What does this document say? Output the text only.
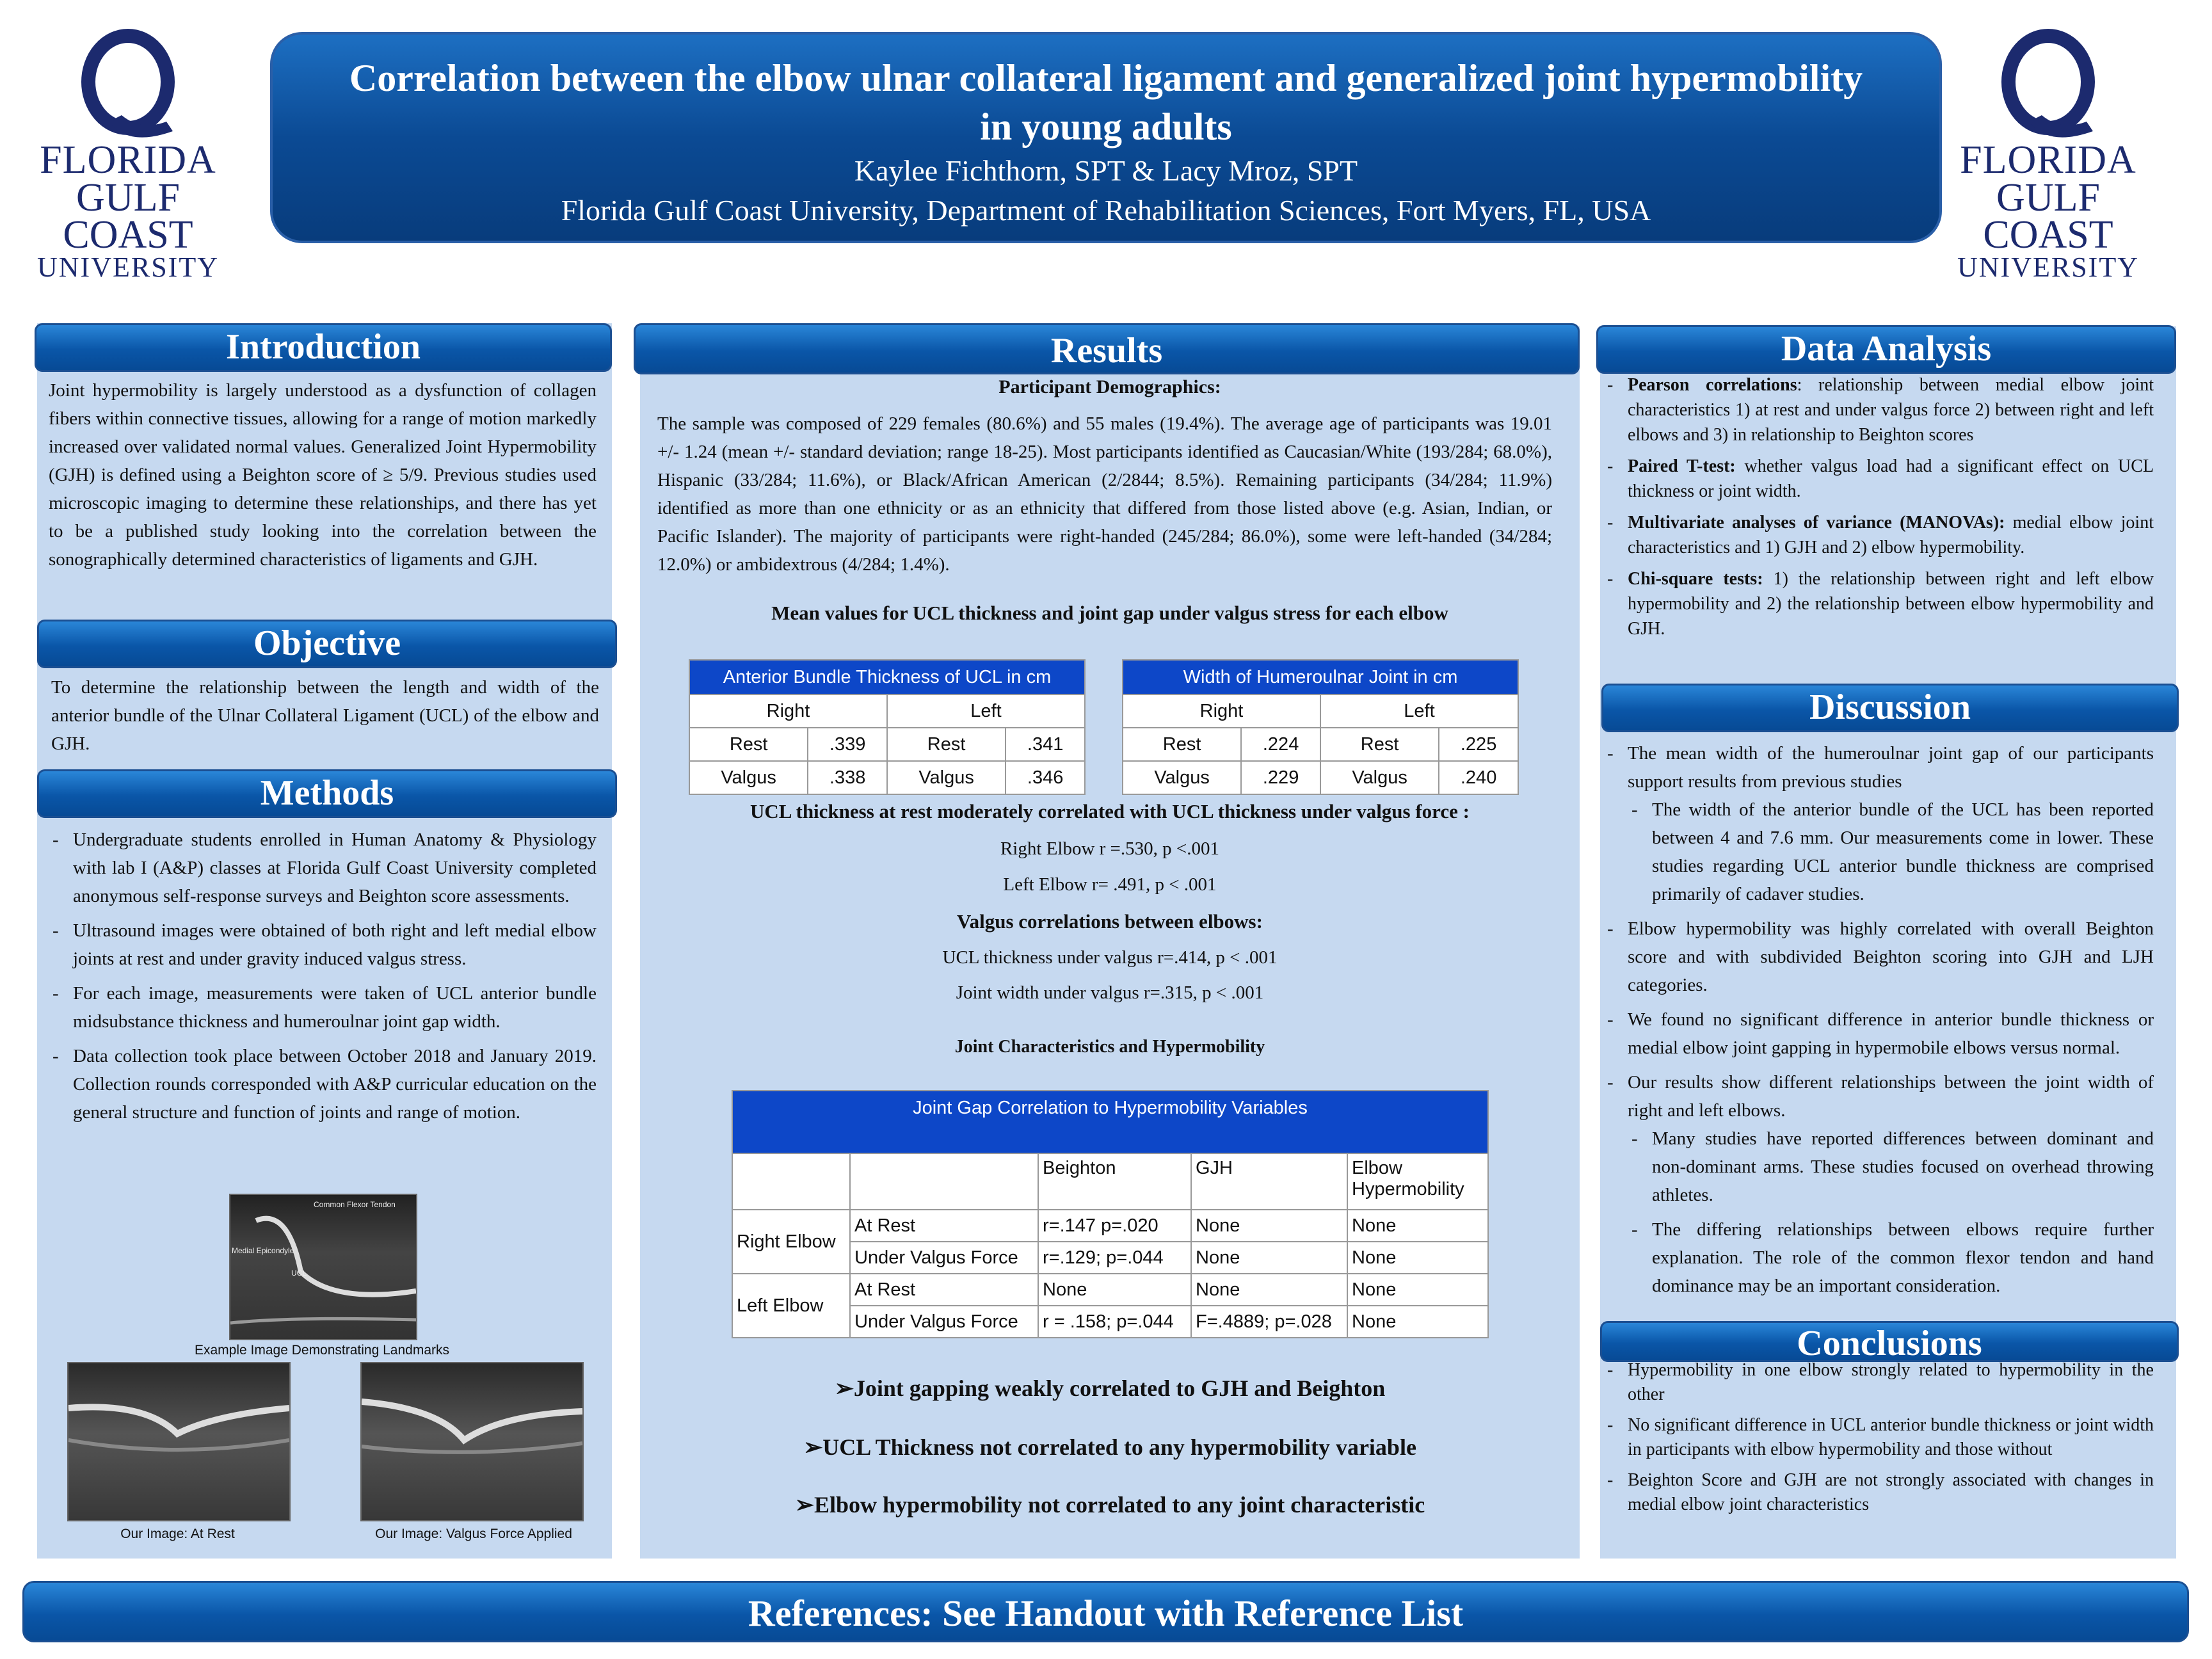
FLORIDA
GULF COAST
UNIVERSITY
FLORIDA
GULF COAST
UNIVERSITY
Correlation between the elbow ulnar collateral ligament and generalized joint hypermobility
in young adults
Kaylee Fichthorn, SPT & Lacy Mroz, SPT
Florida Gulf Coast University, Department of Rehabilitation Sciences, Fort Myers, FL, USA
Introduction
Joint hypermobility is largely understood as a dysfunction of collagen fibers within connective tissues, allowing for a range of motion markedly increased over validated normal values. Generalized Joint Hypermobility (GJH) is defined using a Beighton score of ≥ 5/9. Previous studies used microscopic imaging to determine these relationships, and there has yet to be a published study looking into the correlation between the sonographically determined characteristics of ligaments and GJH.
Objective
To determine the relationship between the length and width of the anterior bundle of the Ulnar Collateral Ligament (UCL) of the elbow and GJH.
Methods
- Undergraduate students enrolled in Human Anatomy & Physiology with lab I (A&P) classes at Florida Gulf Coast University completed anonymous self-response surveys and Beighton score assessments.
- Ultrasound images were obtained of both right and left medial elbow joints at rest and under gravity induced valgus stress.
- For each image, measurements were taken of UCL anterior bundle midsubstance thickness and humeroulnar joint gap width.
- Data collection took place between October 2018 and January 2019. Collection rounds corresponded with A&P curricular education on the general structure and function of joints and range of motion.
Common Flexor Tendon
Medial Epicondyle
UCL
Example Image Demonstrating Landmarks
Our Image: At Rest	Our Image: Valgus Force Applied
Results
Participant Demographics:
The sample was composed of 229 females (80.6%) and 55 males (19.4%). The average age of participants was 19.01 +/- 1.24 (mean +/- standard deviation; range 18-25). Most participants identified as Caucasian/White (193/284; 68.0%), Hispanic (33/284; 11.6%), or Black/African American (2/2844; 8.5%). Remaining participants (34/284; 11.9%) identified as more than one ethnicity or as an ethnicity that differed from those listed above (e.g. Asian, Indian, or Pacific Islander). The majority of participants were right-handed (245/284; 86.0%), some were left-handed (34/284; 12.0%) or ambidextrous (4/284; 1.4%).
Mean values for UCL thickness and joint gap under valgus stress for each elbow
Anterior Bundle Thickness of UCL in cm			
Right		Left	
Rest	.339	Rest	.341
Valgus	.338	Valgus	.346
Width of Humeroulnar Joint in cm			
Right		Left	
Rest	.224	Rest	.225
Valgus	.229	Valgus	.240
UCL thickness at rest moderately correlated with UCL thickness under valgus force :
Right Elbow r =.530, p <.001
Left Elbow r= .491, p < .001
Valgus correlations between elbows:
UCL thickness under valgus r=.414, p < .001
Joint width under valgus r=.315, p < .001
Joint Characteristics and Hypermobility
Joint Gap Correlation to Hypermobility Variables				
		Beighton	GJH	Elbow Hypermobility
Right Elbow	At Rest	r=.147 p=.020	None	None
	Under Valgus Force	r=.129; p=.044	None	None
Left Elbow	At Rest	None	None	None
	Under Valgus Force	r = .158; p=.044	F=.4889; p=.028	None
➢Joint gapping weakly correlated to GJH and Beighton
➢UCL Thickness not correlated to any hypermobility variable
➢Elbow hypermobility not correlated to any joint characteristic
Data Analysis
- Pearson correlations: relationship between medial elbow joint characteristics 1) at rest and under valgus force 2) between right and left elbows and 3) in relationship to Beighton scores
- Paired T-test: whether valgus load had a significant effect on UCL thickness or joint width.
- Multivariate analyses of variance (MANOVAs): medial elbow joint characteristics and 1) GJH and 2) elbow hypermobility.
- Chi-square tests: 1) the relationship between right and left elbow hypermobility and 2) the relationship between elbow hypermobility and GJH.
Discussion
- The mean width of the humeroulnar joint gap of our participants support results from previous studies
- The width of the anterior bundle of the UCL has been reported between 4 and 7.6 mm. Our measurements come in lower. These studies regarding UCL anterior bundle thickness are comprised primarily of cadaver studies.
- Elbow hypermobility was highly correlated with overall Beighton score and with subdivided Beighton scoring into GJH and LJH categories.
- We found no significant difference in anterior bundle thickness or medial elbow joint gapping in hypermobile elbows versus normal.
- Our results show different relationships between the joint width of right and left elbows.
- Many studies have reported differences between dominant and non-dominant arms. These studies focused on overhead throwing athletes.
- The differing relationships between elbows require further explanation. The role of the common flexor tendon and hand dominance may be an important consideration.
Conclusions
- Hypermobility in one elbow strongly related to hypermobility in the other
- No significant difference in UCL anterior bundle thickness or joint width in participants with elbow hypermobility and those without
- Beighton Score and GJH are not strongly associated with changes in medial elbow joint characteristics
References: See Handout with Reference List
